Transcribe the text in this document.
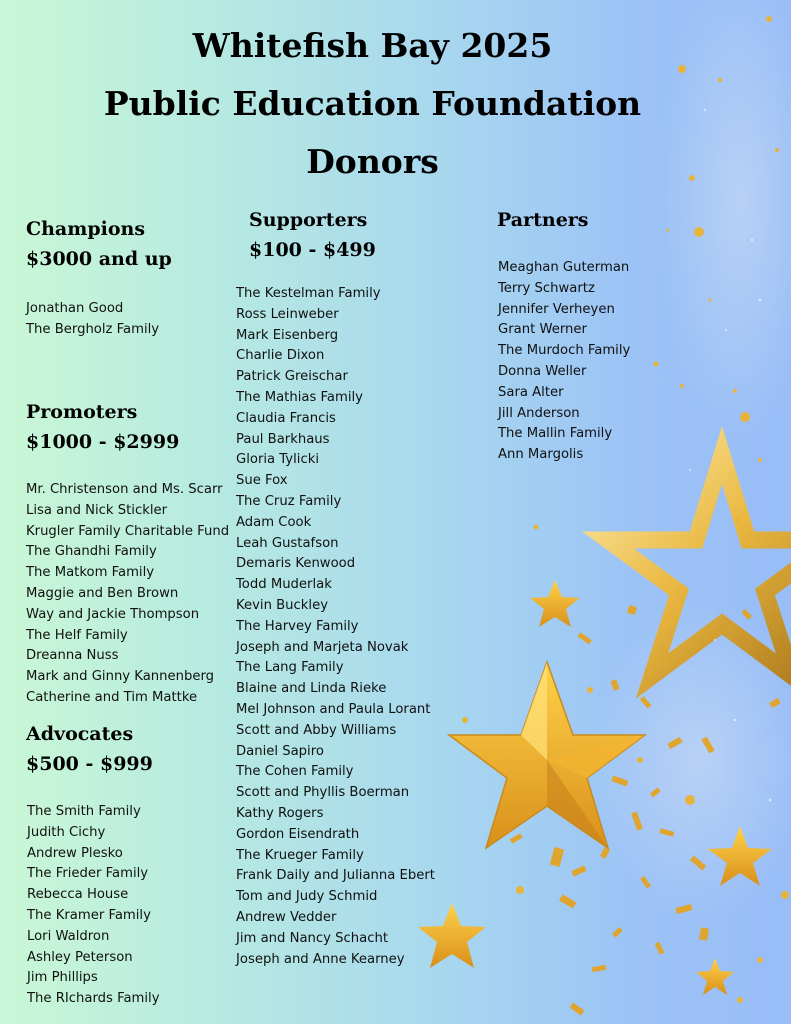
Whitefish Bay 2025
Public Education Foundation
Donors
Champions
$3000 and up
Jonathan Good
The Bergholz Family
Promoters
$1000 - $2999
Mr. Christenson and Ms. Scarr
Lisa and Nick Stickler
Krugler Family Charitable Fund
The Ghandhi Family
The Matkom Family
Maggie and Ben Brown
Way and Jackie Thompson
The Helf Family
Dreanna Nuss
Mark and Ginny Kannenberg
Catherine and Tim Mattke
Advocates
$500 - $999
The Smith Family
Judith Cichy
Andrew Plesko
The Frieder Family
Rebecca House
The Kramer Family
Lori Waldron
Ashley Peterson
Jim Phillips
The RIchards Family
Supporters
$100 - $499
The Kestelman Family
Ross Leinweber
Mark Eisenberg
Charlie Dixon
Patrick Greischar
The Mathias Family
Claudia Francis
Paul Barkhaus
Gloria Tylicki
Sue Fox
The Cruz Family
Adam Cook
Leah Gustafson
Demaris Kenwood
Todd Muderlak
Kevin Buckley
The Harvey Family
Joseph and Marjeta Novak
The Lang Family
Blaine and Linda Rieke
Mel Johnson and Paula Lorant
Scott and Abby Williams
Daniel Sapiro
The Cohen Family
Scott and Phyllis Boerman
Kathy Rogers
Gordon Eisendrath
The Krueger Family
Frank Daily and Julianna Ebert
Tom and Judy Schmid
Andrew Vedder
Jim and Nancy Schacht
Joseph and Anne Kearney
Partners
Meaghan Guterman
Terry Schwartz
Jennifer Verheyen
Grant Werner
The Murdoch Family
Donna Weller
Sara Alter
Jill Anderson
The Mallin Family
Ann Margolis
